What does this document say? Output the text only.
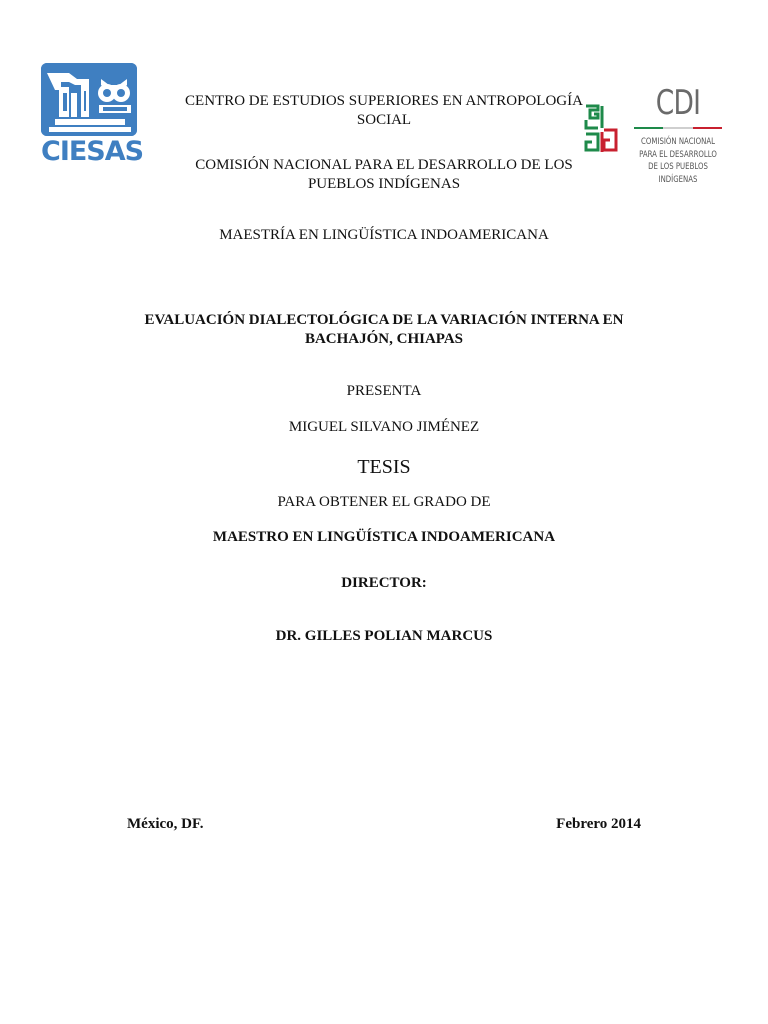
CIESAS
CDI
COMISIÓN NACIONAL
PARA EL DESARROLLO
DE LOS PUEBLOS INDÍGENAS
CENTRO DE ESTUDIOS SUPERIORES EN ANTROPOLOGÍA
SOCIAL
COMISIÓN NACIONAL PARA EL DESARROLLO DE LOS
PUEBLOS INDÍGENAS
MAESTRÍA EN LINGÜÍSTICA INDOAMERICANA
EVALUACIÓN DIALECTOLÓGICA DE LA VARIACIÓN INTERNA EN
BACHAJÓN, CHIAPAS
PRESENTA
MIGUEL SILVANO JIMÉNEZ
TESIS
PARA OBTENER EL GRADO DE
MAESTRO EN LINGÜÍSTICA INDOAMERICANA
DIRECTOR:
DR. GILLES POLIAN MARCUS
México, DF.	Febrero 2014
